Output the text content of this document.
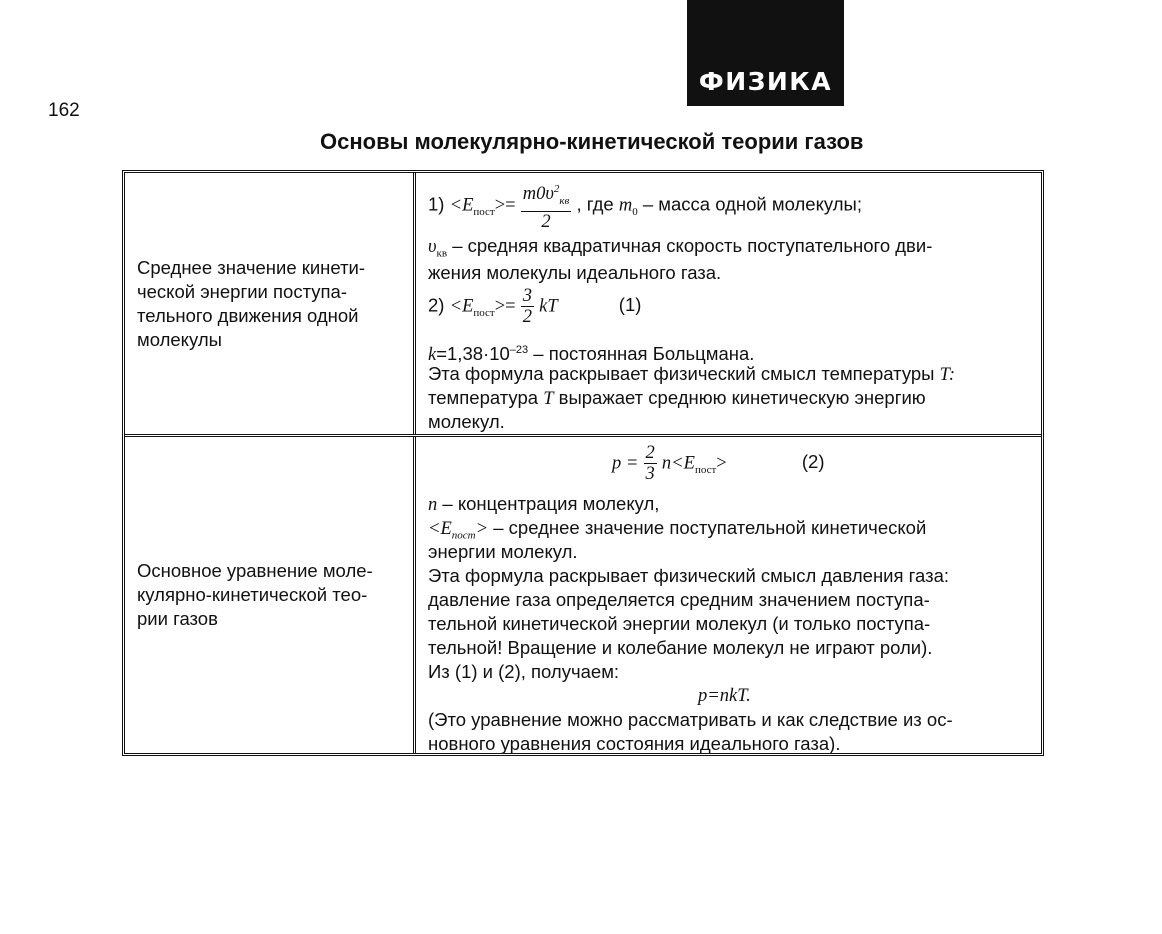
ФИЗИКА
162
Основы молекулярно-кинетической теории газов
Среднее значение кинети-
ческой энергии поступа-
тельного движения одной
молекулы
$1) <E_{пост}>= \frac{m0\upsilon^2_{кв}}{2}$ , где $m_0$ – масса одной молекулы;
$\upsilon_{кв}$ – средняя квадратичная скорость поступательного дви-
жения молекулы идеального газа.
$2) <E_{пост}>= \frac{3}{2}$ kT	(1)
$k=1,38\cdot 10^{-23}$ – постоянная Больцмана.
Эта формула раскрывает физический смысл температуры T:
температура T выражает среднюю кинетическую энергию
молекул.
Основное уравнение моле-
кулярно-кинетической тео-
рии газов
$p = \frac{2}{3} n<E_{пост}>$	(2)
n – концентрация молекул,
$<E_{пост}>$ – среднее значение поступательной кинетической
энергии молекул.
Эта формула раскрывает физический смысл давления газа:
давление газа определяется средним значением поступа-
тельной кинетической энергии молекул (и только поступа-
тельной! Вращение и колебание молекул не играют роли).
Из (1) и (2), получаем:
p=nkT.
(Это уравнение можно рассматривать и как следствие из ос-
новного уравнения состояния идеального газа).
